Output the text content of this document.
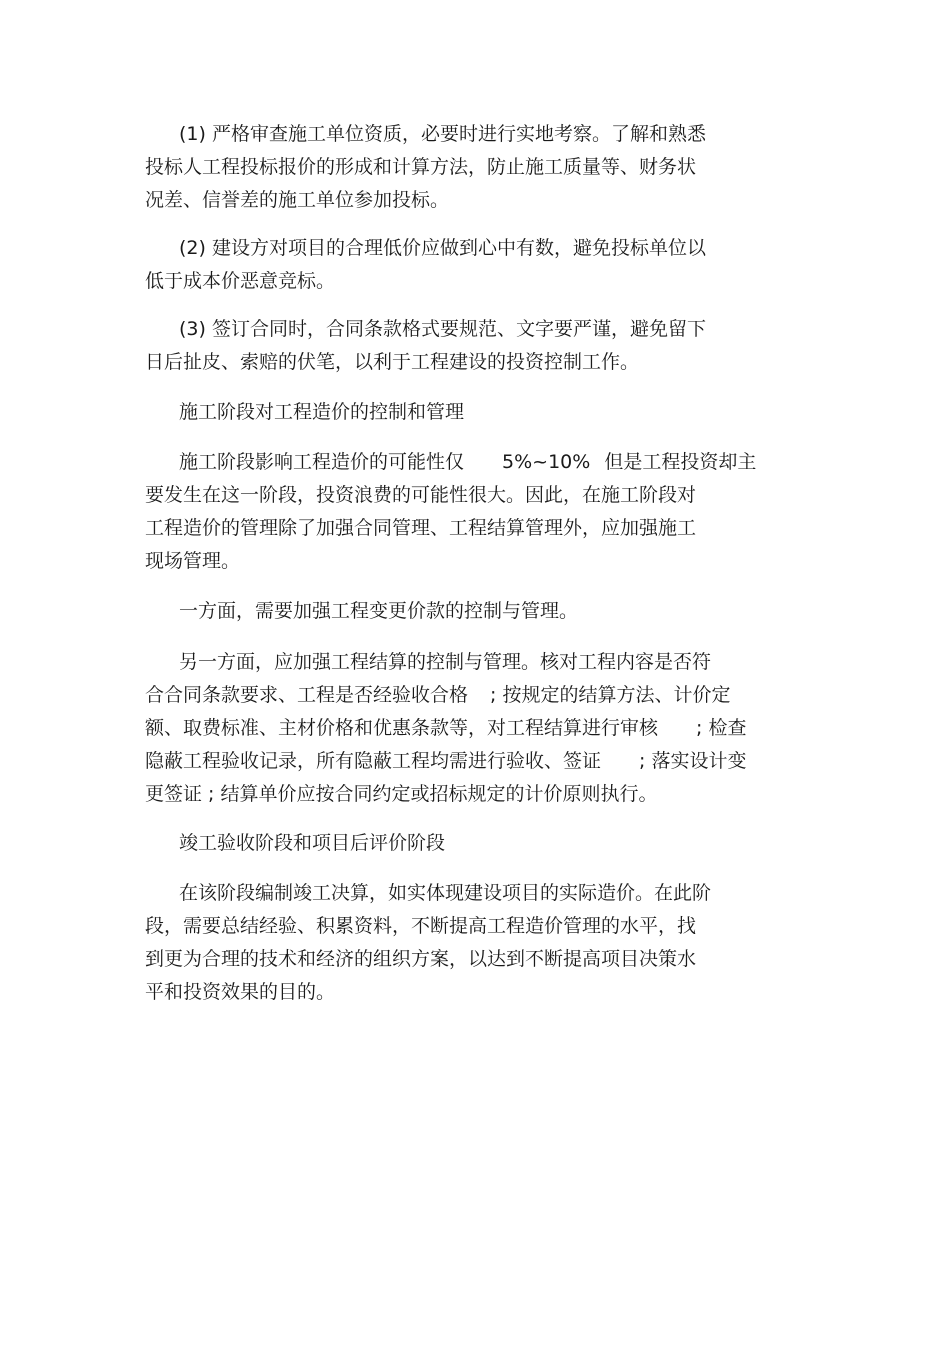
(1) 严格审查施工单位资质，必要时进行实地考察。了解和熟悉
投标人工程投标报价的形成和计算方法，防止施工质量等、财务状
况差、信誉差的施工单位参加投标。
(2) 建设方对项目的合理低价应做到心中有数，避免投标单位以
低于成本价恶意竞标。
(3) 签订合同时，合同条款格式要规范、文字要严谨，避免留下
日后扯皮、索赔的伏笔，以利于工程建设的投资控制工作。
施工阶段对工程造价的控制和管理
施工阶段影响工程造价的可能性仅 5%~10% 但是工程投资却主
要发生在这一阶段，投资浪费的可能性很大。因此，在施工阶段对
工程造价的管理除了加强合同管理、工程结算管理外，应加强施工
现场管理。
一方面，需要加强工程变更价款的控制与管理。
另一方面，应加强工程结算的控制与管理。核对工程内容是否符
合合同条款要求、工程是否经验收合格 ; 按规定的结算方法、计价定
额、取费标准、主材价格和优惠条款等，对工程结算进行审核 ; 检查
隐蔽工程验收记录，所有隐蔽工程均需进行验收、签证 ; 落实设计变
更签证 ; 结算单价应按合同约定或招标规定的计价原则执行。
竣工验收阶段和项目后评价阶段
在该阶段编制竣工决算，如实体现建设项目的实际造价。在此阶
段，需要总结经验、积累资料，不断提高工程造价管理的水平，找
到更为合理的技术和经济的组织方案，以达到不断提高项目决策水
平和投资效果的目的。
